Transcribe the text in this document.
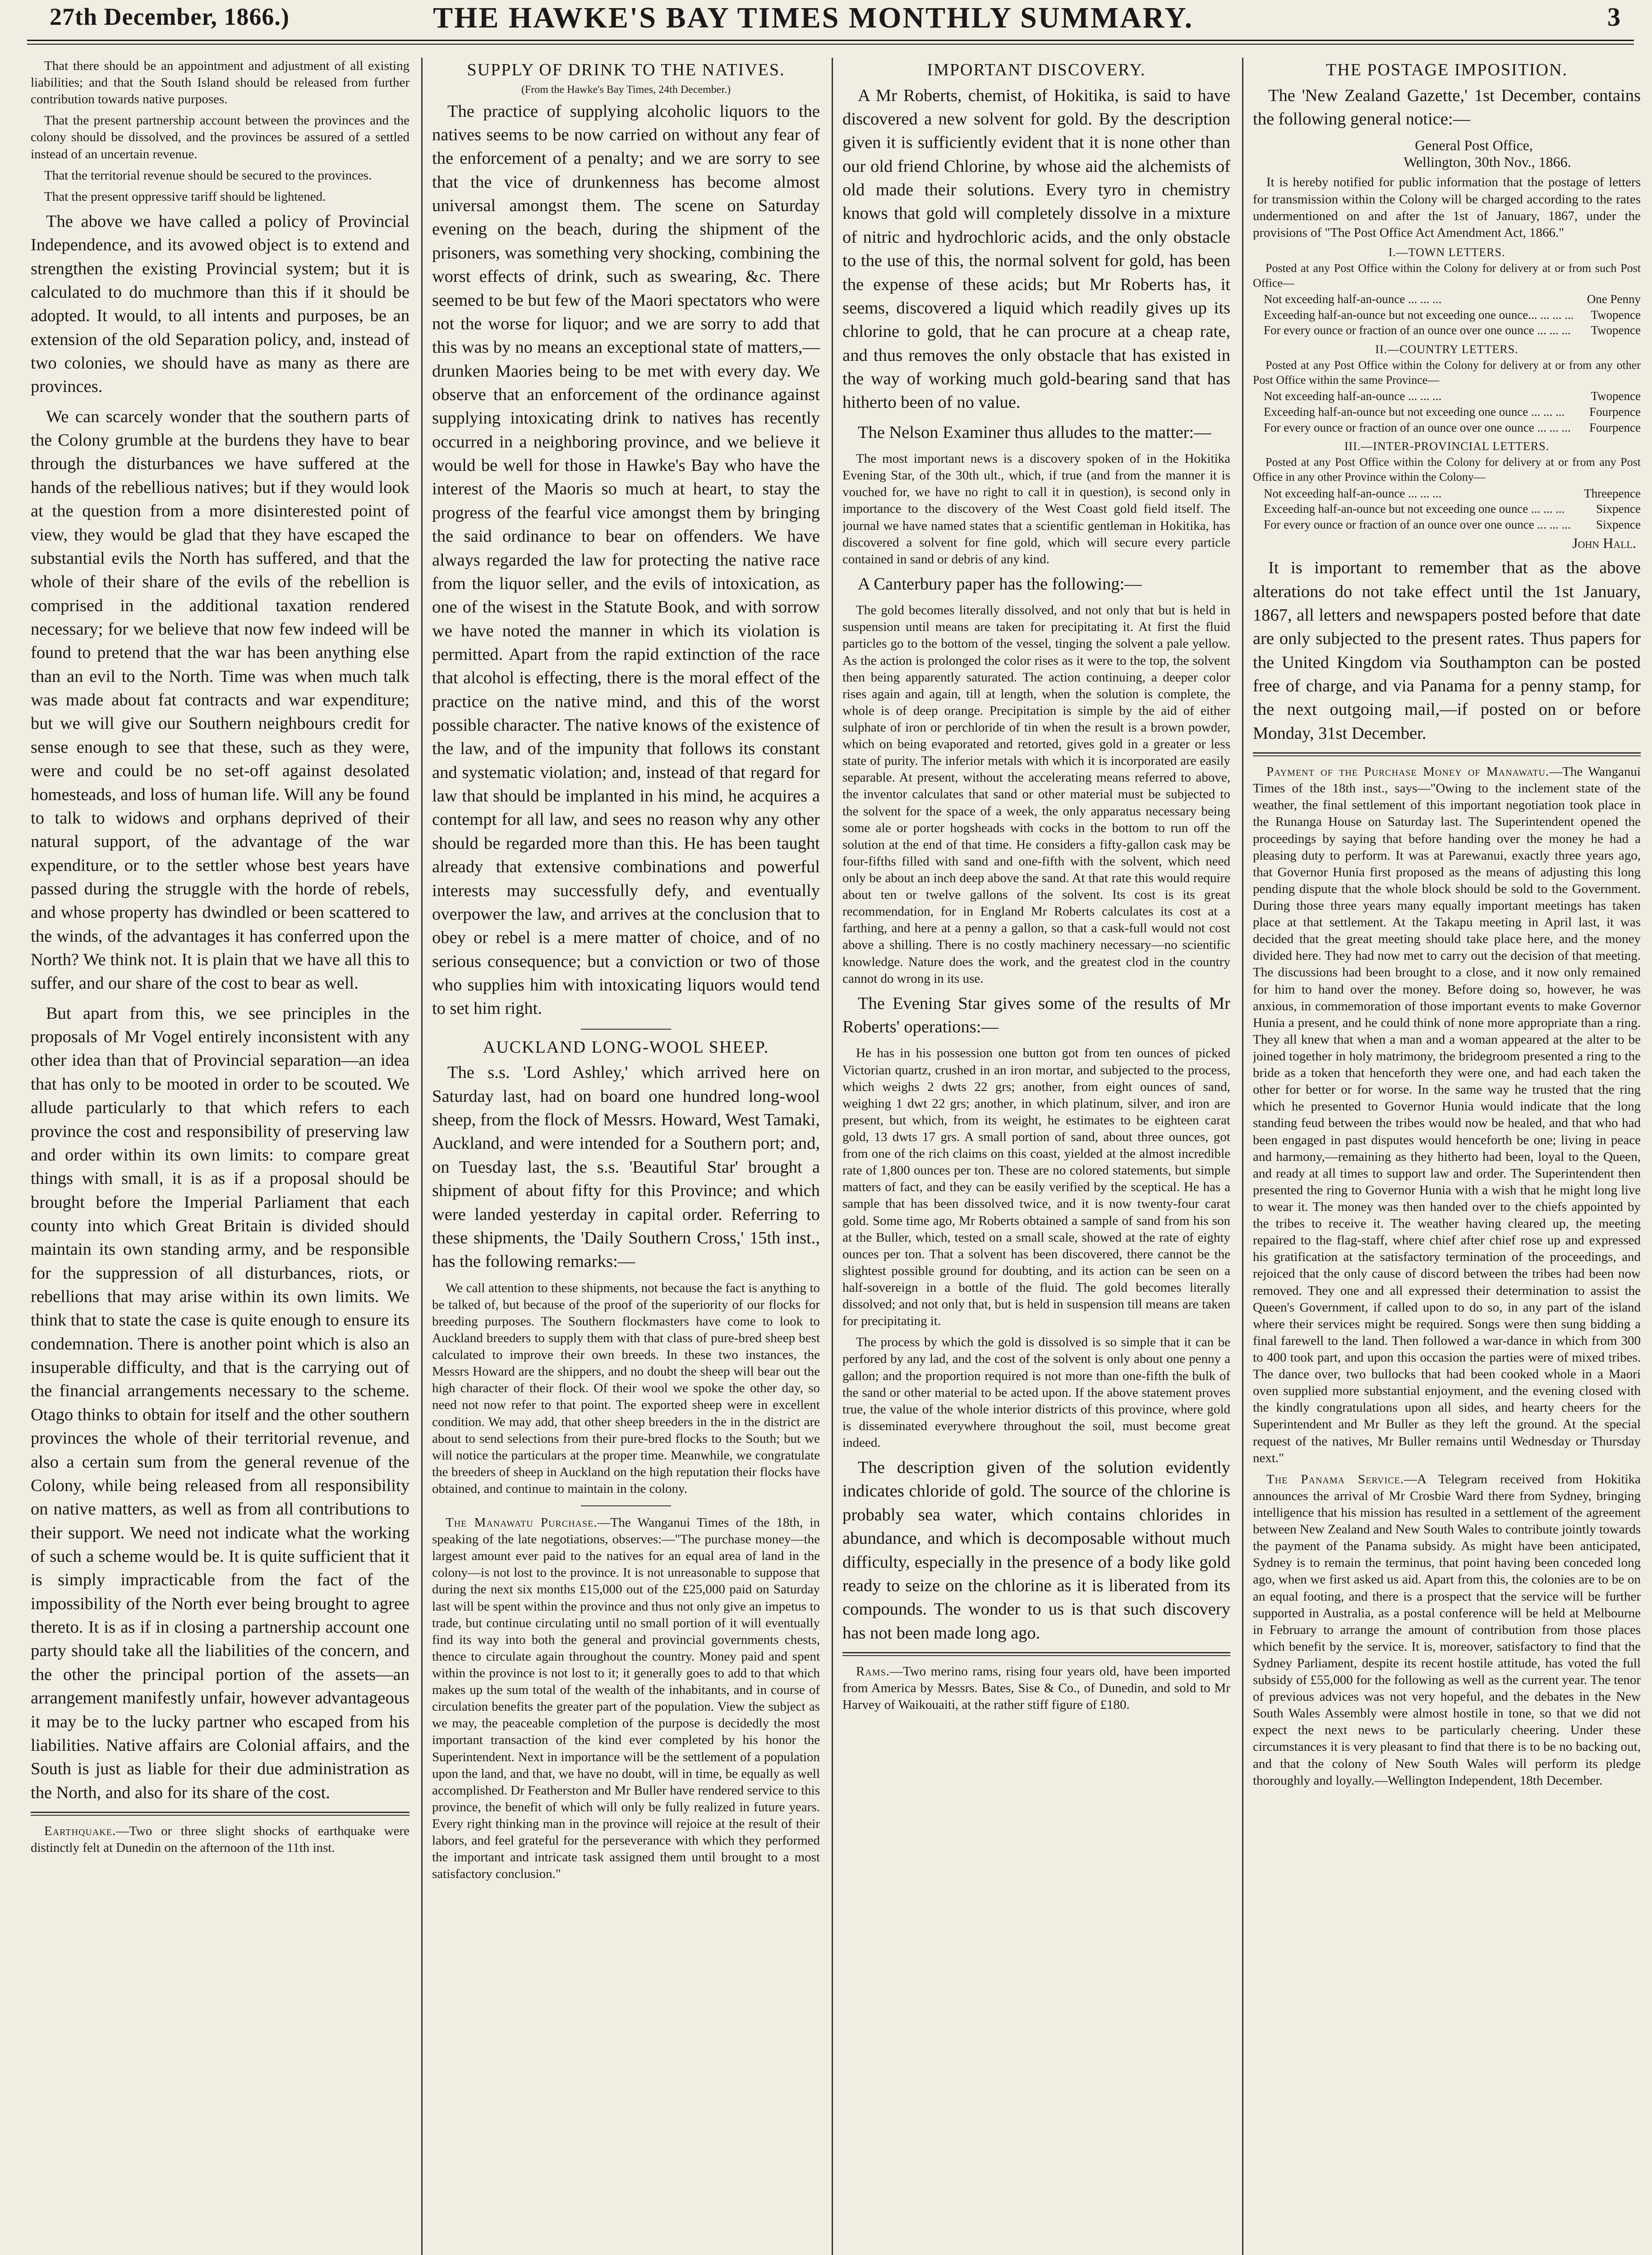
27th December, 1866.)	THE HAWKE'S BAY TIMES MONTHLY SUMMARY.	3

That there should be an appointment and adjustment of all existing liabilities; and that the South Island should be released from further contribution towards native purposes.

That the present partnership account between the provinces and the colony should be dissolved, and the provinces be assured of a settled instead of an uncertain revenue.

That the territorial revenue should be secured to the provinces.

That the present oppressive tariff should be lightened.

The above we have called a policy of Provincial Independence, and its avowed object is to extend and strengthen the existing Provincial system; but it is calculated to do muchmore than this if it should be adopted. It would, to all intents and purposes, be an extension of the old Separation policy, and, instead of two colonies, we should have as many as there are provinces.

We can scarcely wonder that the southern parts of the Colony grumble at the burdens they have to bear through the disturbances we have suffered at the hands of the rebellious natives; but if they would look at the question from a more disinterested point of view, they would be glad that they have escaped the substantial evils the North has suffered, and that the whole of their share of the evils of the rebellion is comprised in the additional taxation rendered necessary; for we believe that now few indeed will be found to pretend that the war has been anything else than an evil to the North. Time was when much talk was made about fat contracts and war expenditure; but we will give our Southern neighbours credit for sense enough to see that these, such as they were, were and could be no set-off against desolated homesteads, and loss of human life. Will any be found to talk to widows and orphans deprived of their natural support, of the advantage of the war expenditure, or to the settler whose best years have passed during the struggle with the horde of rebels, and whose property has dwindled or been scattered to the winds, of the advantages it has conferred upon the North? We think not. It is plain that we have all this to suffer, and our share of the cost to bear as well.

But apart from this, we see principles in the proposals of Mr Vogel entirely inconsistent with any other idea than that of Provincial separation—an idea that has only to be mooted in order to be scouted. We allude particularly to that which refers to each province the cost and responsibility of preserving law and order within its own limits: to compare great things with small, it is as if a proposal should be brought before the Imperial Parliament that each county into which Great Britain is divided should maintain its own standing army, and be responsible for the suppression of all disturbances, riots, or rebellions that may arise within its own limits. We think that to state the case is quite enough to ensure its condemnation. There is another point which is also an insuperable difficulty, and that is the carrying out of the financial arrangements necessary to the scheme. Otago thinks to obtain for itself and the other southern provinces the whole of their territorial revenue, and also a certain sum from the general revenue of the Colony, while being released from all responsibility on native matters, as well as from all contributions to their support. We need not indicate what the working of such a scheme would be. It is quite sufficient that it is simply impracticable from the fact of the impossibility of the North ever being brought to agree thereto. It is as if in closing a partnership account one party should take all the liabilities of the concern, and the other the principal portion of the assets—an arrangement manifestly unfair, however advantageous it may be to the lucky partner who escaped from his liabilities. Native affairs are Colonial affairs, and the South is just as liable for their due administration as the North, and also for its share of the cost.

Earthquake.—Two or three slight shocks of earthquake were distinctly felt at Dunedin on the afternoon of the 11th inst.

SUPPLY OF DRINK TO THE NATIVES.
(From the Hawke's Bay Times, 24th December.)

The practice of supplying alcoholic liquors to the natives seems to be now carried on without any fear of the enforcement of a penalty; and we are sorry to see that the vice of drunkenness has become almost universal amongst them. The scene on Saturday evening on the beach, during the shipment of the prisoners, was something very shocking, combining the worst effects of drink, such as swearing, &c. There seemed to be but few of the Maori spectators who were not the worse for liquor; and we are sorry to add that this was by no means an exceptional state of matters,—drunken Maories being to be met with every day. We observe that an enforcement of the ordinance against supplying intoxicating drink to natives has recently occurred in a neighboring province, and we believe it would be well for those in Hawke's Bay who have the interest of the Maoris so much at heart, to stay the progress of the fearful vice amongst them by bringing the said ordinance to bear on offenders. We have always regarded the law for protecting the native race from the liquor seller, and the evils of intoxication, as one of the wisest in the Statute Book, and with sorrow we have noted the manner in which its violation is permitted. Apart from the rapid extinction of the race that alcohol is effecting, there is the moral effect of the practice on the native mind, and this of the worst possible character. The native knows of the existence of the law, and of the impunity that follows its constant and systematic violation; and, instead of that regard for law that should be implanted in his mind, he acquires a contempt for all law, and sees no reason why any other should be regarded more than this. He has been taught already that extensive combinations and powerful interests may successfully defy, and eventually overpower the law, and arrives at the conclusion that to obey or rebel is a mere matter of choice, and of no serious consequence; but a conviction or two of those who supplies him with intoxicating liquors would tend to set him right.

AUCKLAND LONG-WOOL SHEEP.

The s.s. 'Lord Ashley,' which arrived here on Saturday last, had on board one hundred long-wool sheep, from the flock of Messrs. Howard, West Tamaki, Auckland, and were intended for a Southern port; and, on Tuesday last, the s.s. 'Beautiful Star' brought a shipment of about fifty for this Province; and which were landed yesterday in capital order. Referring to these shipments, the 'Daily Southern Cross,' 15th inst., has the following remarks:—

We call attention to these shipments, not because the fact is anything to be talked of, but because of the proof of the superiority of our flocks for breeding purposes. The Southern flockmasters have come to look to Auckland breeders to supply them with that class of pure-bred sheep best calculated to improve their own breeds. In these two instances, the Messrs Howard are the shippers, and no doubt the sheep will bear out the high character of their flock. Of their wool we spoke the other day, so need not now refer to that point. The exported sheep were in excellent condition. We may add, that other sheep breeders in the in the district are about to send selections from their pure-bred flocks to the South; but we will notice the particulars at the proper time. Meanwhile, we congratulate the breeders of sheep in Auckland on the high reputation their flocks have obtained, and continue to maintain in the colony.

The Manawatu Purchase.—The Wanganui Times of the 18th, in speaking of the late negotiations, observes:—"The purchase money—the largest amount ever paid to the natives for an equal area of land in the colony—is not lost to the province. It is not unreasonable to suppose that during the next six months £15,000 out of the £25,000 paid on Saturday last will be spent within the province and thus not only give an impetus to trade, but continue circulating until no small portion of it will eventually find its way into both the general and provincial governments chests, thence to circulate again throughout the country. Money paid and spent within the province is not lost to it; it generally goes to add to that which makes up the sum total of the wealth of the inhabitants, and in course of circulation benefits the greater part of the population. View the subject as we may, the peaceable completion of the purpose is decidedly the most important transaction of the kind ever completed by his honor the Superintendent. Next in importance will be the settlement of a population upon the land, and that, we have no doubt, will in time, be equally as well accomplished. Dr Featherston and Mr Buller have rendered service to this province, the benefit of which will only be fully realized in future years. Every right thinking man in the province will rejoice at the result of their labors, and feel grateful for the perseverance with which they performed the important and intricate task assigned them until brought to a most satisfactory conclusion."

IMPORTANT DISCOVERY.

A Mr Roberts, chemist, of Hokitika, is said to have discovered a new solvent for gold. By the description given it is sufficiently evident that it is none other than our old friend Chlorine, by whose aid the alchemists of old made their solutions. Every tyro in chemistry knows that gold will completely dissolve in a mixture of nitric and hydrochloric acids, and the only obstacle to the use of this, the normal solvent for gold, has been the expense of these acids; but Mr Roberts has, it seems, discovered a liquid which readily gives up its chlorine to gold, that he can procure at a cheap rate, and thus removes the only obstacle that has existed in the way of working much gold-bearing sand that has hitherto been of no value.

The Nelson Examiner thus alludes to the matter:—

The most important news is a discovery spoken of in the Hokitika Evening Star, of the 30th ult., which, if true (and from the manner it is vouched for, we have no right to call it in question), is second only in importance to the discovery of the West Coast gold field itself. The journal we have named states that a scientific gentleman in Hokitika, has discovered a solvent for fine gold, which will secure every particle contained in sand or debris of any kind.

A Canterbury paper has the following:—

The gold becomes literally dissolved, and not only that but is held in suspension until means are taken for precipitating it. At first the fluid particles go to the bottom of the vessel, tinging the solvent a pale yellow. As the action is prolonged the color rises as it were to the top, the solvent then being apparently saturated. The action continuing, a deeper color rises again and again, till at length, when the solution is complete, the whole is of deep orange. Precipitation is simple by the aid of either sulphate of iron or perchloride of tin when the result is a brown powder, which on being evaporated and retorted, gives gold in a greater or less state of purity. The inferior metals with which it is incorporated are easily separable. At present, without the accelerating means referred to above, the inventor calculates that sand or other material must be subjected to the solvent for the space of a week, the only apparatus necessary being some ale or porter hogsheads with cocks in the bottom to run off the solution at the end of that time. He considers a fifty-gallon cask may be four-fifths filled with sand and one-fifth with the solvent, which need only be about an inch deep above the sand. At that rate this would require about ten or twelve gallons of the solvent. Its cost is its great recommendation, for in England Mr Roberts calculates its cost at a farthing, and here at a penny a gallon, so that a cask-full would not cost above a shilling. There is no costly machinery necessary—no scientific knowledge. Nature does the work, and the greatest clod in the country cannot do wrong in its use.

The Evening Star gives some of the results of Mr Roberts' operations:—

He has in his possession one button got from ten ounces of picked Victorian quartz, crushed in an iron mortar, and subjected to the process, which weighs 2 dwts 22 grs; another, from eight ounces of sand, weighing 1 dwt 22 grs; another, in which platinum, silver, and iron are present, but which, from its weight, he estimates to be eighteen carat gold, 13 dwts 17 grs. A small portion of sand, about three ounces, got from one of the rich claims on this coast, yielded at the almost incredible rate of 1,800 ounces per ton. These are no colored statements, but simple matters of fact, and they can be easily verified by the sceptical. He has a sample that has been dissolved twice, and it is now twenty-four carat gold. Some time ago, Mr Roberts obtained a sample of sand from his son at the Buller, which, tested on a small scale, showed at the rate of eighty ounces per ton. That a solvent has been discovered, there cannot be the slightest possible ground for doubting, and its action can be seen on a half-sovereign in a bottle of the fluid. The gold becomes literally dissolved; and not only that, but is held in suspension till means are taken for precipitating it.

The process by which the gold is dissolved is so simple that it can be perfored by any lad, and the cost of the solvent is only about one penny a gallon; and the proportion required is not more than one-fifth the bulk of the sand or other material to be acted upon. If the above statement proves true, the value of the whole interior districts of this province, where gold is disseminated everywhere throughout the soil, must become great indeed.

The description given of the solution evidently indicates chloride of gold. The source of the chlorine is probably sea water, which contains chlorides in abundance, and which is decomposable without much difficulty, especially in the presence of a body like gold ready to seize on the chlorine as it is liberated from its compounds. The wonder to us is that such discovery has not been made long ago.

Rams.—Two merino rams, rising four years old, have been imported from America by Messrs. Bates, Sise & Co., of Dunedin, and sold to Mr Harvey of Waikouaiti, at the rather stiff figure of £180.

THE POSTAGE IMPOSITION.

The 'New Zealand Gazette,' 1st December, contains the following general notice:—

General Post Office,
Wellington, 30th Nov., 1866.

It is hereby notified for public information that the postage of letters for transmission within the Colony will be charged according to the rates undermentioned on and after the 1st of January, 1867, under the provisions of "The Post Office Act Amendment Act, 1866."

I.—TOWN LETTERS.

Posted at any Post Office within the Colony for delivery at or from such Post Office—

Not exceeding half-an-ounce ... ... ...	One Penny
Exceeding half-an-ounce but not exceeding one ounce... ... ... ...	Twopence
For every ounce or fraction of an ounce over one ounce ... ... ...	Twopence
II.—COUNTRY LETTERS.

Posted at any Post Office within the Colony for delivery at or from any other Post Office within the same Province—

Not exceeding half-an-ounce ... ... ...	Twopence
Exceeding half-an-ounce but not exceeding one ounce ... ... ...	Fourpence
For every ounce or fraction of an ounce over one ounce ... ... ...	Fourpence
III.—INTER-PROVINCIAL LETTERS.

Posted at any Post Office within the Colony for delivery at or from any Post Office in any other Province within the Colony—

Not exceeding half-an-ounce ... ... ...	Threepence
Exceeding half-an-ounce but not exceeding one ounce ... ... ...	Sixpence
For every ounce or fraction of an ounce over one ounce ... ... ...	Sixpence
John Hall.

It is important to remember that as the above alterations do not take effect until the 1st January, 1867, all letters and newspapers posted before that date are only subjected to the present rates. Thus papers for the United Kingdom via Southampton can be posted free of charge, and via Panama for a penny stamp, for the next outgoing mail,—if posted on or before Monday, 31st December.

Payment of the Purchase Money of Manawatu.—The Wanganui Times of the 18th inst., says—"Owing to the inclement state of the weather, the final settlement of this important negotiation took place in the Runanga House on Saturday last. The Superintendent opened the proceedings by saying that before handing over the money he had a pleasing duty to perform. It was at Parewanui, exactly three years ago, that Governor Hunia first proposed as the means of adjusting this long pending dispute that the whole block should be sold to the Government. During those three years many equally important meetings has taken place at that settlement. At the Takapu meeting in April last, it was decided that the great meeting should take place here, and the money divided here. They had now met to carry out the decision of that meeting. The discussions had been brought to a close, and it now only remained for him to hand over the money. Before doing so, however, he was anxious, in commemoration of those important events to make Governor Hunia a present, and he could think of none more appropriate than a ring. They all knew that when a man and a woman appeared at the alter to be joined together in holy matrimony, the bridegroom presented a ring to the bride as a token that henceforth they were one, and had each taken the other for better or for worse. In the same way he trusted that the ring which he presented to Governor Hunia would indicate that the long standing feud between the tribes would now be healed, and that who had been engaged in past disputes would henceforth be one; living in peace and harmony,—remaining as they hitherto had been, loyal to the Queen, and ready at all times to support law and order. The Superintendent then presented the ring to Governor Hunia with a wish that he might long live to wear it. The money was then handed over to the chiefs appointed by the tribes to receive it. The weather having cleared up, the meeting repaired to the flag-staff, where chief after chief rose up and expressed his gratification at the satisfactory termination of the proceedings, and rejoiced that the only cause of discord between the tribes had been now removed. They one and all expressed their determination to assist the Queen's Government, if called upon to do so, in any part of the island where their services might be required. Songs were then sung bidding a final farewell to the land. Then followed a war-dance in which from 300 to 400 took part, and upon this occasion the parties were of mixed tribes. The dance over, two bullocks that had been cooked whole in a Maori oven supplied more substantial enjoyment, and the evening closed with the kindly congratulations upon all sides, and hearty cheers for the Superintendent and Mr Buller as they left the ground. At the special request of the natives, Mr Buller remains until Wednesday or Thursday next."

The Panama Service.—A Telegram received from Hokitika announces the arrival of Mr Crosbie Ward there from Sydney, bringing intelligence that his mission has resulted in a settlement of the agreement between New Zealand and New South Wales to contribute jointly towards the payment of the Panama subsidy. As might have been anticipated, Sydney is to remain the terminus, that point having been conceded long ago, when we first asked us aid. Apart from this, the colonies are to be on an equal footing, and there is a prospect that the service will be further supported in Australia, as a postal conference will be held at Melbourne in February to arrange the amount of contribution from those places which benefit by the service. It is, moreover, satisfactory to find that the Sydney Parliament, despite its recent hostile attitude, has voted the full subsidy of £55,000 for the following as well as the current year. The tenor of previous advices was not very hopeful, and the debates in the New South Wales Assembly were almost hostile in tone, so that we did not expect the next news to be particularly cheering. Under these circumstances it is very pleasant to find that there is to be no backing out, and that the colony of New South Wales will perform its pledge thoroughly and loyally.—Wellington Independent, 18th December.
